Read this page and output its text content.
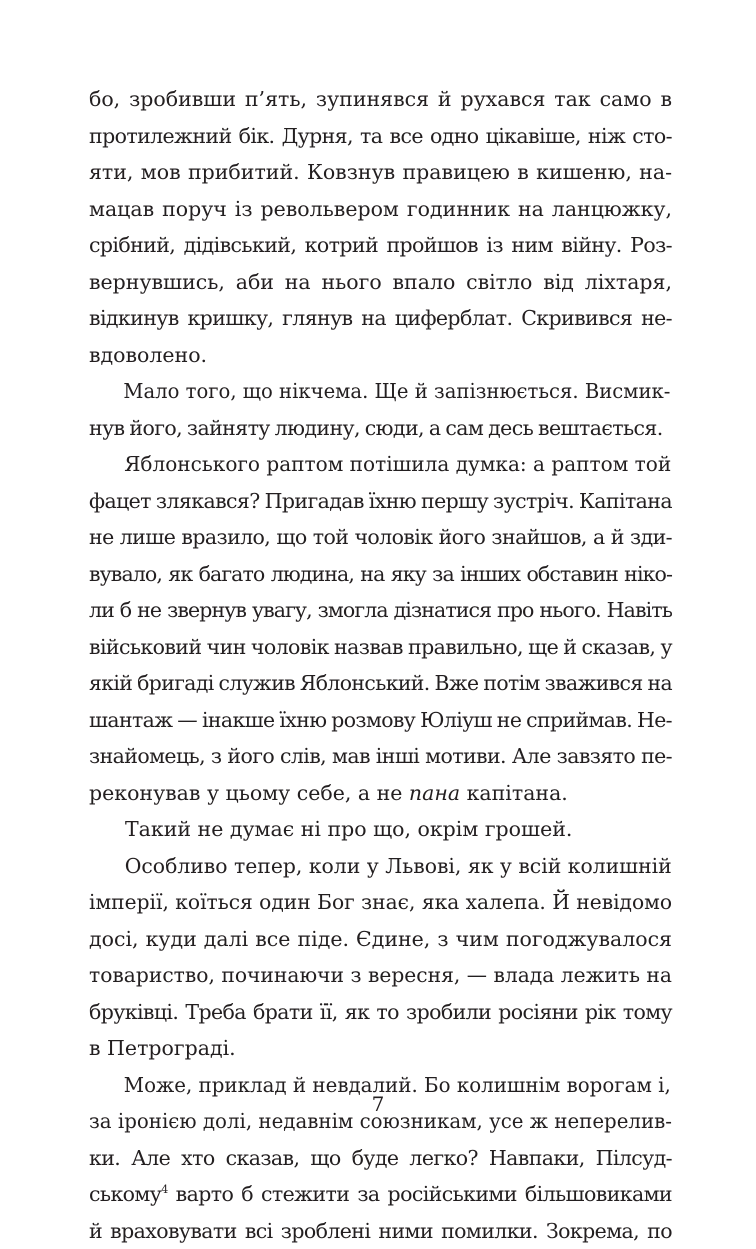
бо, зробивши п’ять, зупинявся й рухався так само в
протилежний бік. Дурня, та все одно цікавіше, ніж сто-
яти, мов прибитий. Ковзнув правицею в кишеню, на-
мацав поруч із револьвером годинник на ланцюжку,
срібний, дідівський, котрий пройшов із ним війну. Роз-
вернувшись, аби на нього впало світло від ліхтаря,
відкинув кришку, глянув на циферблат. Скривився не-
вдоволено.
Мало того, що нікчема. Ще й запізнюється. Висмик-
нув його, зайняту людину, сюди, а сам десь вештається.
Яблонського раптом потішила думка: а раптом той
фацет злякався? Пригадав їхню першу зустріч. Капітана
не лише вразило, що той чоловік його знайшов, а й зди-
вувало, як багато людина, на яку за інших обставин ніко-
ли б не звернув увагу, змогла дізнатися про нього. Навіть
військовий чин чоловік назвав правильно, ще й сказав, у
якій бригаді служив Яблонський. Вже потім зважився на
шантаж — інакше їхню розмову Юліуш не сприймав. Не-
знайомець, з його слів, мав інші мотиви. Але завзято пе-
реконував у цьому себе, а не пана капітана.
Такий не думає ні про що, окрім грошей.
Особливо тепер, коли у Львові, як у всій колишній
імперії, коїться один Бог знає, яка халепа. Й невідомо
досі, куди далі все піде. Єдине, з чим погоджувалося
товариство, починаючи з вересня, — влада лежить на
бруківці. Треба брати її, як то зробили росіяни рік тому
в Петрограді.
Може, приклад й невдалий. Бо колишнім ворогам і,
за іронією долі, недавнім союзникам, усе ж неперелив-
ки. Але хто сказав, що буде легко? Навпаки, Пілсуд-
ському$^4$ варто б стежити за російськими більшовиками
й враховувати всі зроблені ними помилки. Зокрема, по
7
